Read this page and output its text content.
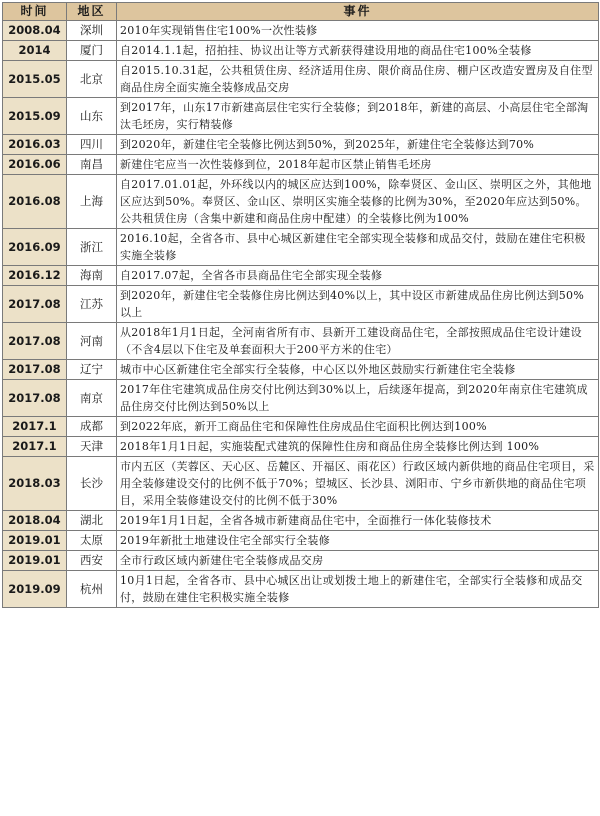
时间	地区	事件
2008.04	深圳	2010年实现销售住宅100%一次性装修
2014	厦门	自2014.1.1起，招拍挂、协议出让等方式新获得建设用地的商品住宅100%全装修
2015.05	北京	自2015.10.31起，公共租赁住房、经济适用住房、限价商品住房、棚户区改造安置房及自住型商品住房全面实施全装修成品交房
2015.09	山东	到2017年，山东17市新建高层住宅实行全装修；到2018年，新建的高层、小高层住宅全部淘汰毛坯房，实行精装修
2016.03	四川	到2020年，新建住宅全装修比例达到50%，到2025年，新建住宅全装修达到70%
2016.06	南昌	新建住宅应当一次性装修到位，2018年起市区禁止销售毛坯房
2016.08	上海	自2017.01.01起，外环线以内的城区应达到100%，除奉贤区、金山区、崇明区之外，其他地区应达到50%。奉贤区、金山区、崇明区实施全装修的比例为30%，至2020年应达到50%。公共租赁住房（含集中新建和商品住房中配建）的全装修比例为100%
2016.09	浙江	2016.10起，全省各市、县中心城区新建住宅全部实现全装修和成品交付，鼓励在建住宅积极实施全装修
2016.12	海南	自2017.07起，全省各市县商品住宅全部实现全装修
2017.08	江苏	到2020年，新建住宅全装修住房比例达到40%以上，其中设区市新建成品住房比例达到50%以上
2017.08	河南	从2018年1月1日起，全河南省所有市、县新开工建设商品住宅，全部按照成品住宅设计建设（不含4层以下住宅及单套面积大于200平方米的住宅）
2017.08	辽宁	城市中心区新建住宅全部实行全装修，中心区以外地区鼓励实行新建住宅全装修
2017.08	南京	2017年住宅建筑成品住房交付比例达到30%以上，后续逐年提高，到2020年南京住宅建筑成品住房交付比例达到50%以上
2017.1	成都	到2022年底，新开工商品住宅和保障性住房成品住宅面积比例达到100%
2017.1	天津	2018年1月1日起，实施装配式建筑的保障性住房和商品住房全装修比例达到 100%
2018.03	长沙	市内五区（芙蓉区、天心区、岳麓区、开福区、雨花区）行政区域内新供地的商品住宅项目，采用全装修建设交付的比例不低于70%；望城区、长沙县、浏阳市、宁乡市新供地的商品住宅项目，采用全装修建设交付的比例不低于30%
2018.04	湖北	2019年1月1日起，全省各城市新建商品住宅中，全面推行一体化装修技术
2019.01	太原	2019年新批土地建设住宅全部实行全装修
2019.01	西安	全市行政区域内新建住宅全装修成品交房
2019.09	杭州	10月1日起，全省各市、县中心城区出让或划拨土地上的新建住宅，全部实行全装修和成品交付，鼓励在建住宅积极实施全装修
